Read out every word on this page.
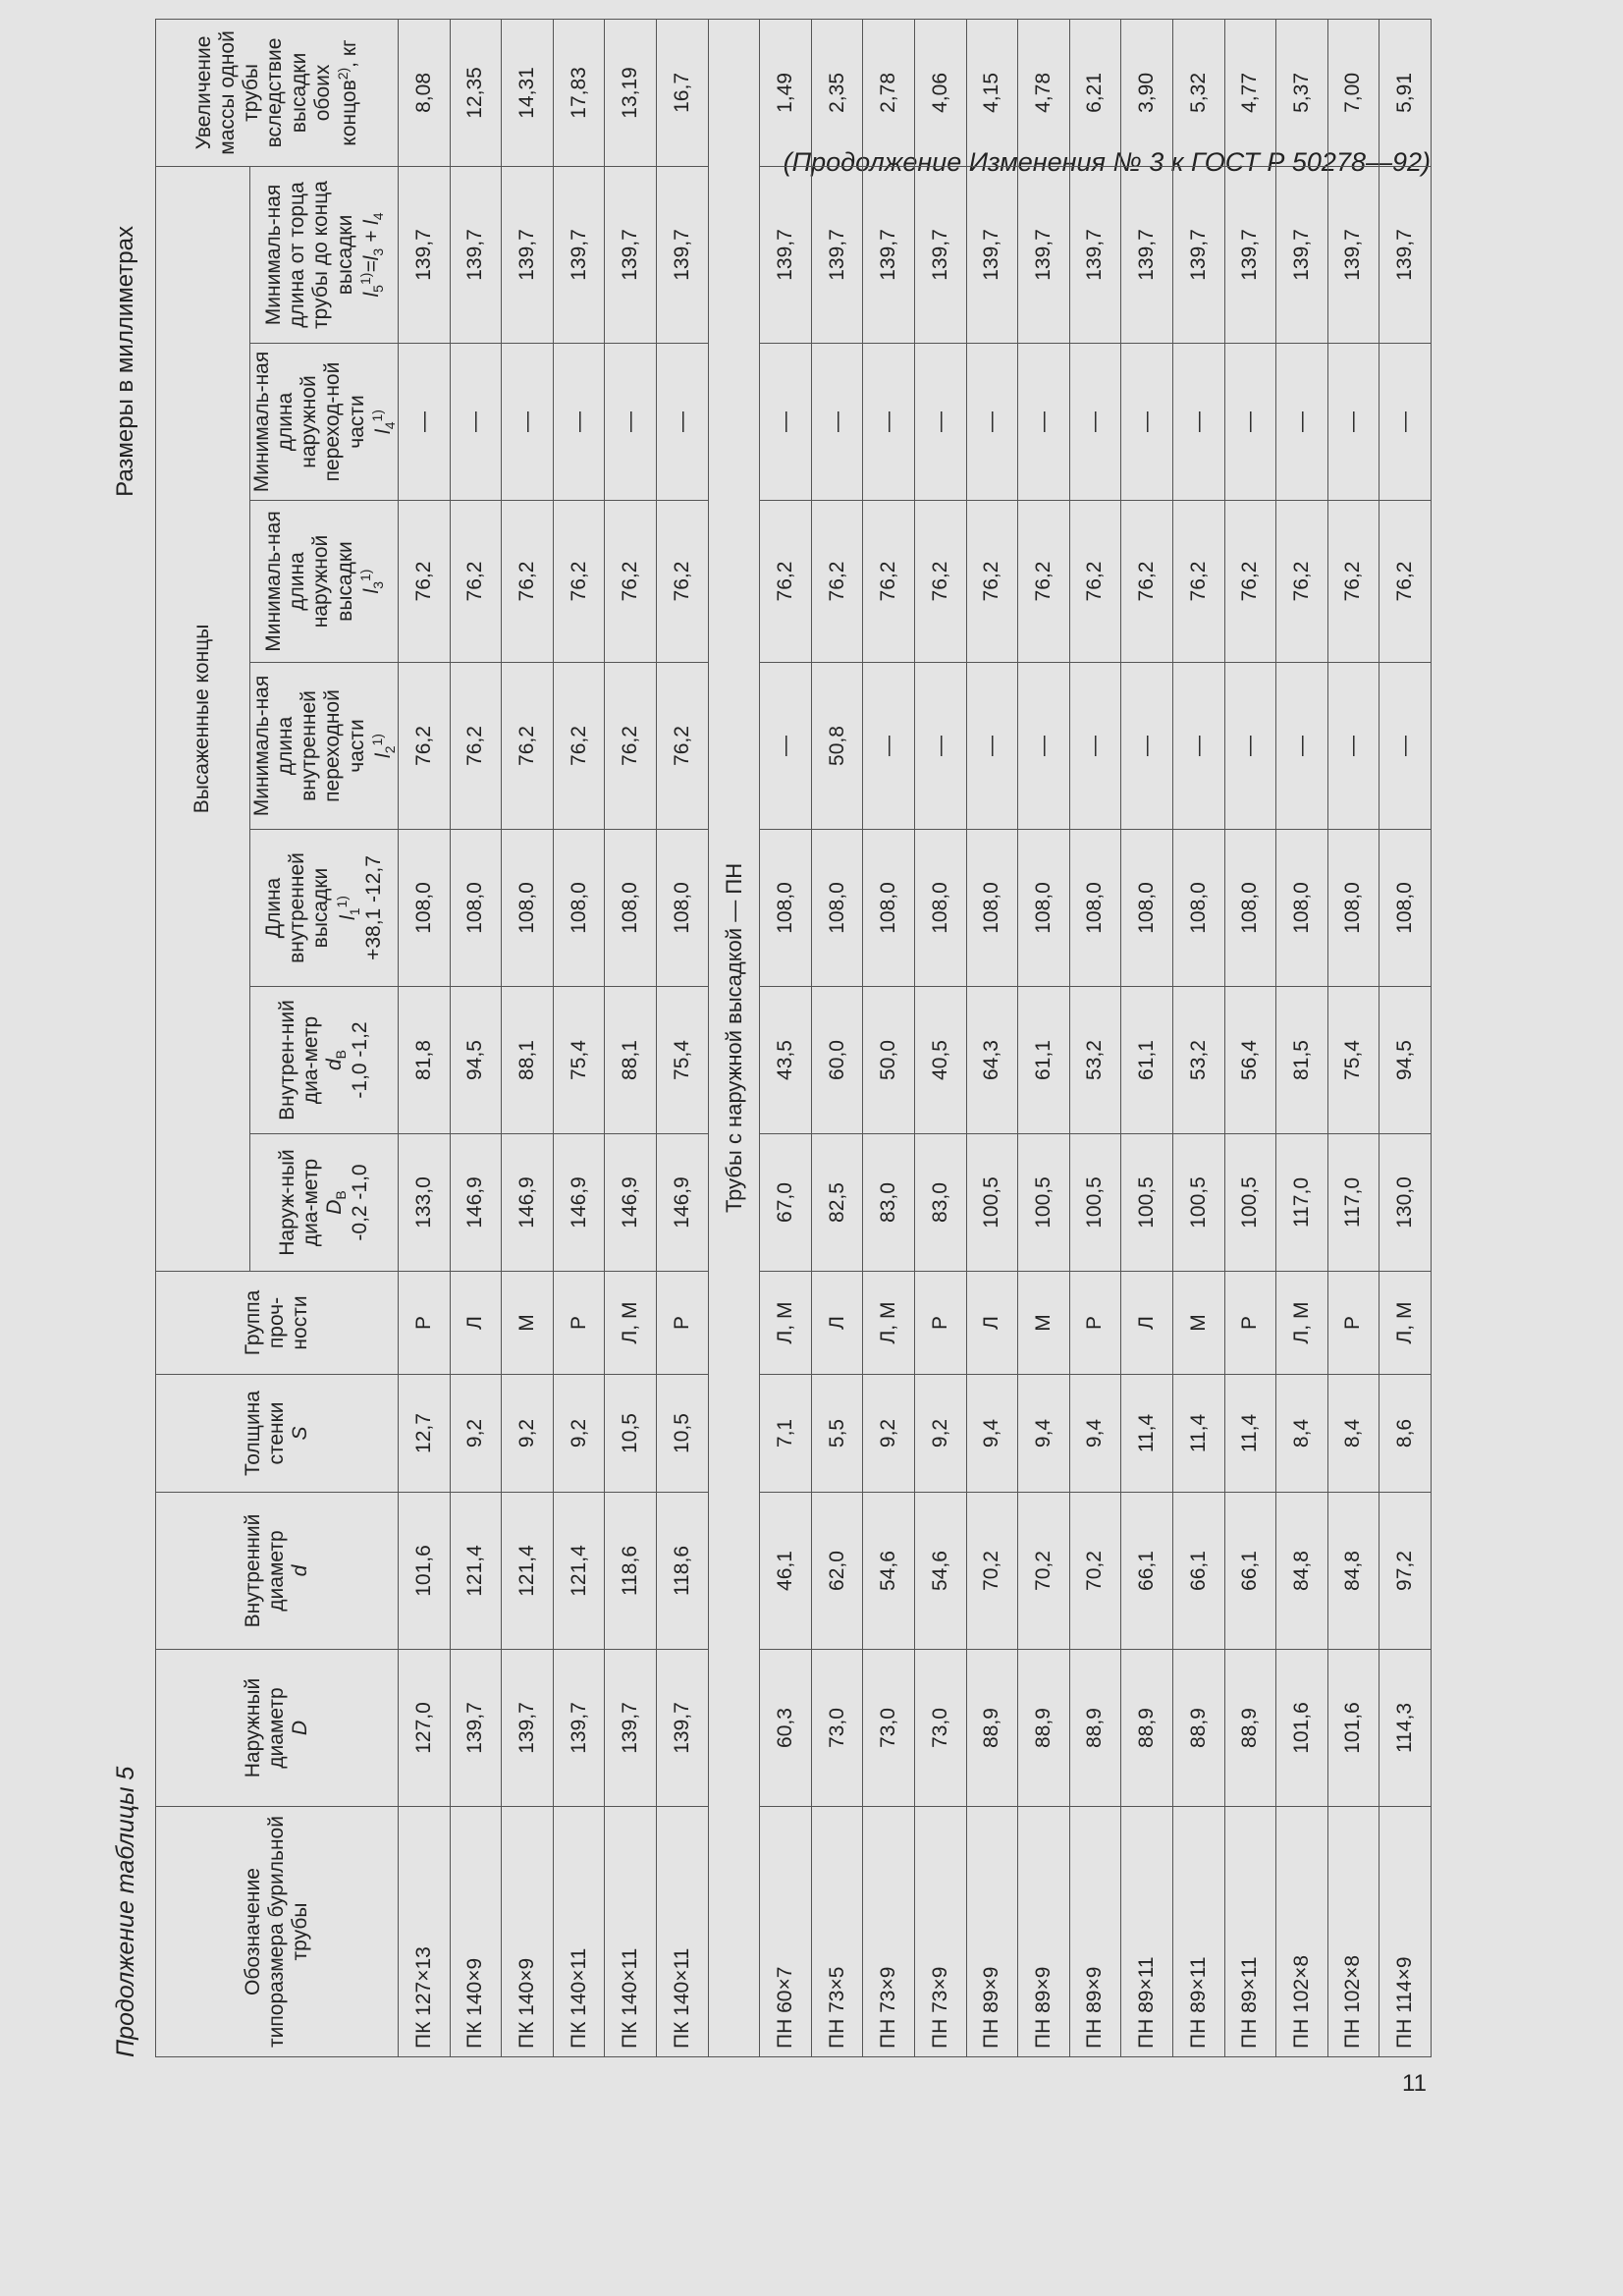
(Продолжение Изменения № 3 к ГОСТ Р 50278—92)
Продолжение таблицы 5
Размеры в миллиметрах
Обозначение типоразмера бурильной трубы	Наружный диаметр D	Внутренний диаметр d	Толщина стенки S	Группа проч-ности	Высаженные концы							Увеличение массы одной трубы вследствие высадки обоих концов$^{2)}$, кг

					Наруж-ный диа-метр $D_В$ -0,2 -1,0	Внутрен-ний диа-метр $d_В$ -1,0 -1,2	Длина внутренней высадки $l_1^{1)} +38,1$ -12,7	Минималь-ная длина внутренней переходной части $l_2^{1)}$	Минималь-ная длина наружной высадки $l_3^{1)}$	Минималь-ная длина наружной переход-ной части $l_4^{1)}$	Минималь-ная длина от торца трубы до конца высадки $l_5^{1)}=l_3 + l_4$
ПК 127×13	127,0	101,6	12,7	Р	133,0	81,8	108,0	76,2	76,2	—	139,7	8,08
ПК 140×9	139,7	121,4	9,2	Л	146,9	94,5	108,0	76,2	76,2	—	139,7	12,35
ПК 140×9	139,7	121,4	9,2	М	146,9	88,1	108,0	76,2	76,2	—	139,7	14,31
ПК 140×11	139,7	121,4	9,2	Р	146,9	75,4	108,0	76,2	76,2	—	139,7	17,83
ПК 140×11	139,7	118,6	10,5	Л, М	146,9	88,1	108,0	76,2	76,2	—	139,7	13,19
ПК 140×11	139,7	118,6	10,5	Р	146,9	75,4	108,0	76,2	76,2	—	139,7	16,7
Трубы с наружной высадкой — ПН												
ПН 60×7	60,3	46,1	7,1	Л, М	67,0	43,5	108,0	—	76,2	—	139,7	1,49
ПН 73×5	73,0	62,0	5,5	Л	82,5	60,0	108,0	50,8	76,2	—	139,7	2,35
ПН 73×9	73,0	54,6	9,2	Л, М	83,0	50,0	108,0	—	76,2	—	139,7	2,78
ПН 73×9	73,0	54,6	9,2	Р	83,0	40,5	108,0	—	76,2	—	139,7	4,06
ПН 89×9	88,9	70,2	9,4	Л	100,5	64,3	108,0	—	76,2	—	139,7	4,15
ПН 89×9	88,9	70,2	9,4	М	100,5	61,1	108,0	—	76,2	—	139,7	4,78
ПН 89×9	88,9	70,2	9,4	Р	100,5	53,2	108,0	—	76,2	—	139,7	6,21
ПН 89×11	88,9	66,1	11,4	Л	100,5	61,1	108,0	—	76,2	—	139,7	3,90
ПН 89×11	88,9	66,1	11,4	М	100,5	53,2	108,0	—	76,2	—	139,7	5,32
ПН 89×11	88,9	66,1	11,4	Р	100,5	56,4	108,0	—	76,2	—	139,7	4,77
ПН 102×8	101,6	84,8	8,4	Л, М	117,0	81,5	108,0	—	76,2	—	139,7	5,37
ПН 102×8	101,6	84,8	8,4	Р	117,0	75,4	108,0	—	76,2	—	139,7	7,00
ПН 114×9	114,3	97,2	8,6	Л, М	130,0	94,5	108,0	—	76,2	—	139,7	5,91
11
